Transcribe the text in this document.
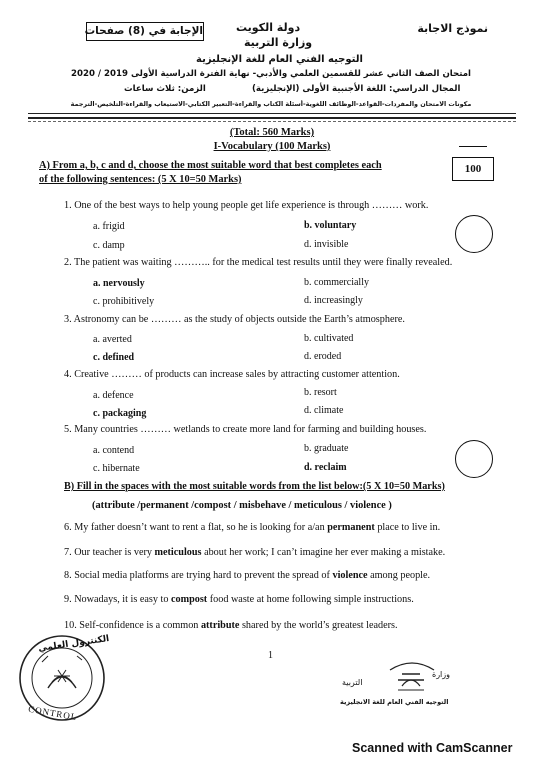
نموذج الاجابة
دولة الكويت
وزارة التربية
الإجابة في (8) صفحات
التوجيه الفني العام للغة الإنجليزية
امتحان الصف الثاني عشر للقسمين العلمي والأدبي- نهاية الفترة الدراسية الأولى 2019 / 2020
المجال الدراسي: اللغة الأجنبية الأولى (الإنجليزية)
الزمن: ثلاث ساعات
مكونات الامتحان والمفردات-القواعد-الوظائف اللغوية-أسئلة الكتاب والقراءة-التعبير الكتابي-الاستيعاب والقراءة-التلخيص-الترجمة
(Total: 560 Marks)
I-Vocabulary (100 Marks)
100
A) From a, b, c and d, choose the most suitable word that best completes each
of the following sentences: (5 X 10=50 Marks)
1. One of the best ways to help young people get life experience is through ……… work.
a. frigid	b. voluntary
c. damp	d. invisible
2. The patient was waiting ……….. for the medical test results until they were finally revealed.
a. nervously	b. commercially
c. prohibitively	d. increasingly
3. Astronomy can be ……… as the study of objects outside the Earth’s atmosphere.
a. averted	b. cultivated
c. defined	d. eroded
4. Creative ……… of products can increase sales by attracting customer attention.
a. defence	b. resort
c. packaging	d. climate
5. Many countries ……… wetlands to create more land for farming and building houses.
a. contend	b. graduate
c. hibernate	d. reclaim
B) Fill in the spaces with the most suitable words from the list below:(5 X 10=50 Marks)
(attribute /permanent /compost / misbehave / meticulous / violence )
6. My father doesn’t want to rent a flat, so he is looking for a/an permanent place to live in.
7. Our teacher is very meticulous about her work; I can’t imagine her ever making a mistake.
8. Social media platforms are trying hard to prevent the spread of violence among people.
9. Nowadays, it is easy to compost food waste at home following simple instructions.
10. Self-confidence is a common attribute shared by the world’s greatest leaders.
1
الكنترول العلمي
CONTROL
وزارة
التربية
التوجيه الفني العام للغة الانجليزية
Scanned with CamScanner
